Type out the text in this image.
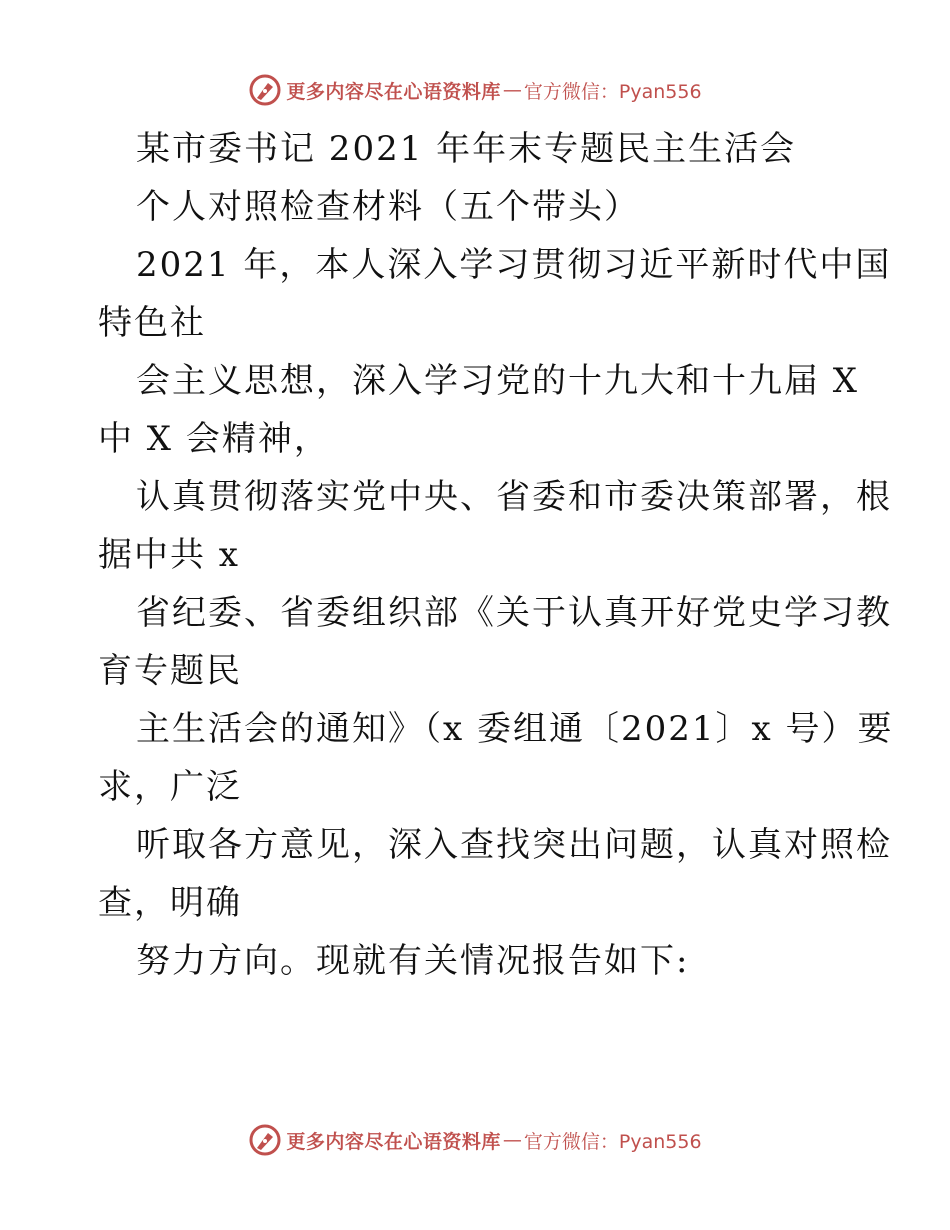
更多内容尽在心语资料库 — 官方微信：Pyan556
某市委书记 2021 年年末专题民主生活会
个人对照检查材料（五个带头）
2021 年，本人深入学习贯彻习近平新时代中国
特色社
会主义思想，深入学习党的十九大和十九届 X
中 X 会精神，
认真贯彻落实党中央、省委和市委决策部署，根
据中共 x
省纪委、省委组织部《关于认真开好党史学习教
育专题民
主生活会的通知》（x 委组通〔2021〕x 号）要
求，广泛
听取各方意见，深入查找突出问题，认真对照检
查，明确
努力方向。现就有关情况报告如下:
更多内容尽在心语资料库 — 官方微信：Pyan556
